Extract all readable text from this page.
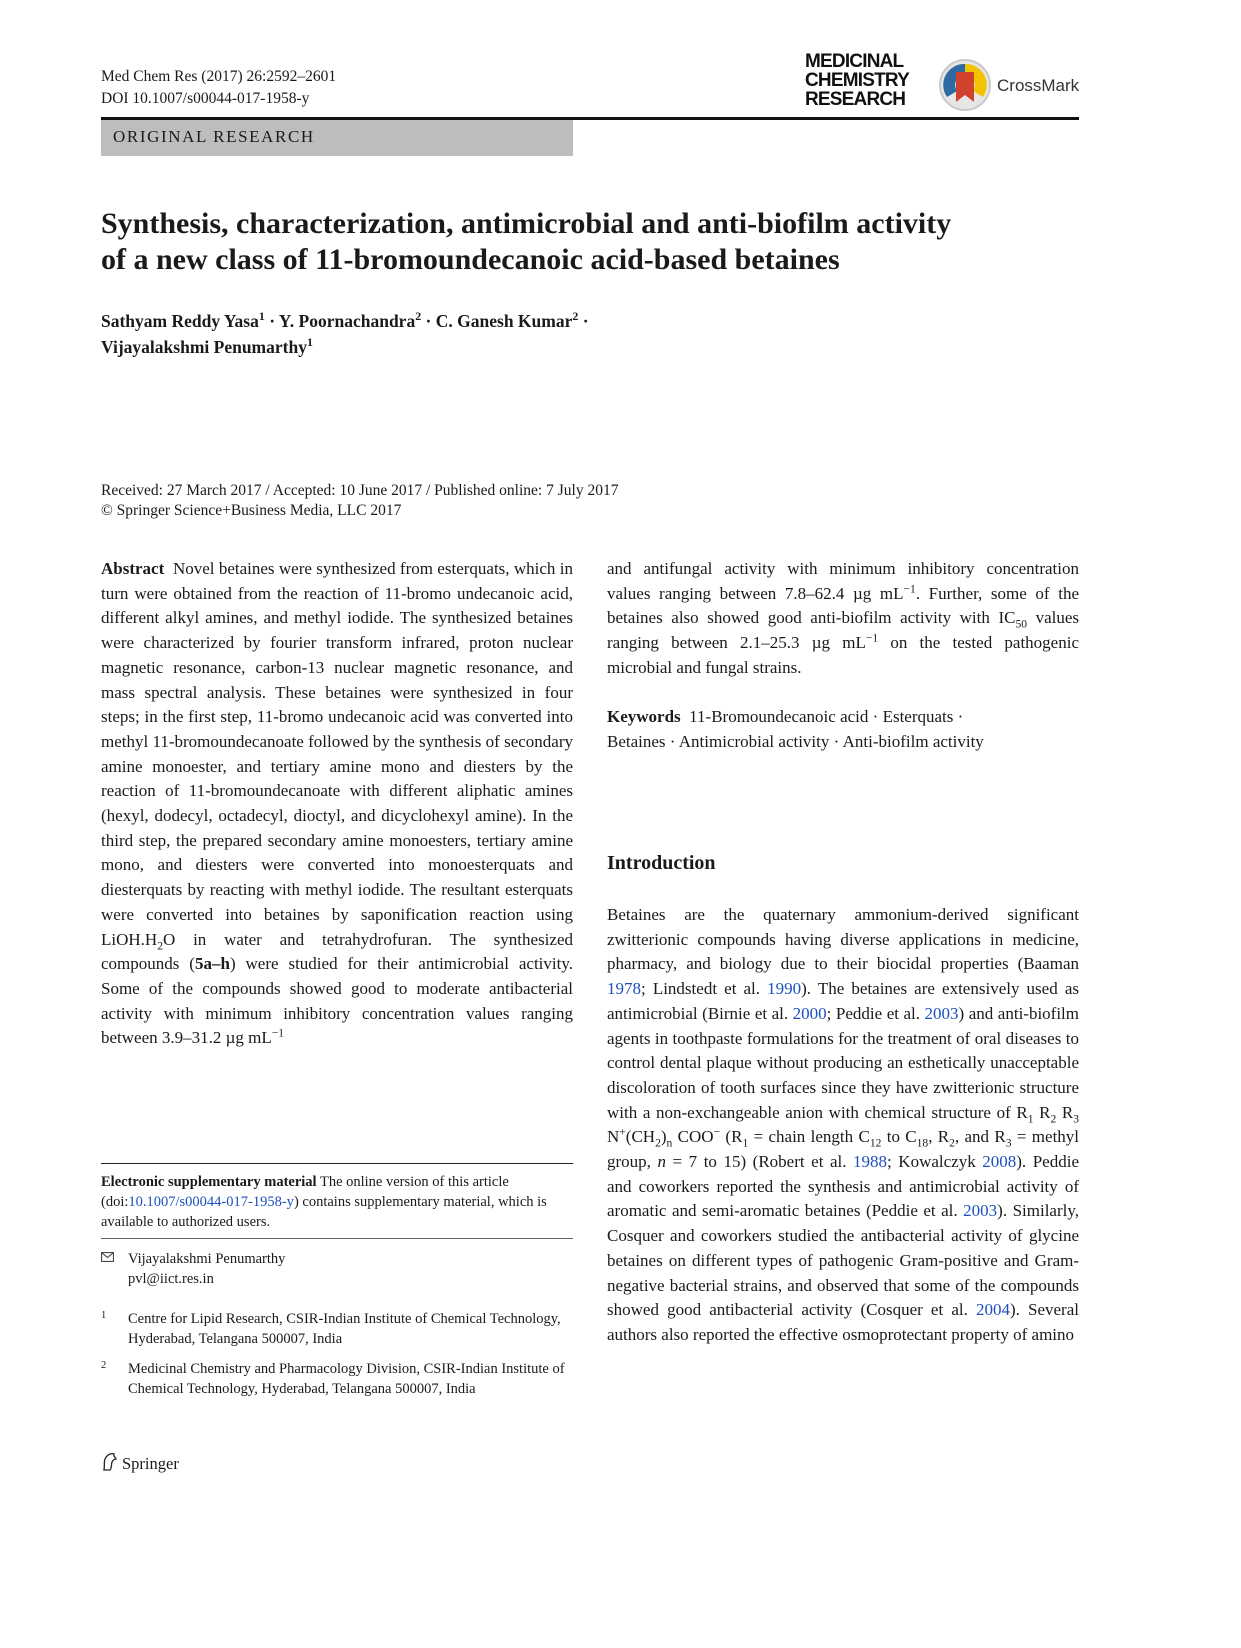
Med Chem Res (2017) 26:2592–2601
DOI 10.1007/s00044-017-1958-y
MEDICINAL
CHEMISTRY
RESEARCH
CrossMark
ORIGINAL RESEARCH
Synthesis, characterization, antimicrobial and anti-biofilm activity
of a new class of 11-bromoundecanoic acid-based betaines
Sathyam Reddy Yasa$^1$ · Y. Poornachandra$^2$ · C. Ganesh Kumar$^2$ ·
Vijayalakshmi Penumarthy$^1$
Received: 27 March 2017 / Accepted: 10 June 2017 / Published online: 7 July 2017
© Springer Science+Business Media, LLC 2017

Abstract Novel betaines were synthesized from esterquats, which in turn were obtained from the reaction of 11-bromo undecanoic acid, different alkyl amines, and methyl iodide. The synthesized betaines were characterized by fourier transform infrared, proton nuclear magnetic resonance, carbon-13 nuclear magnetic resonance, and mass spectral analysis. These betaines were synthesized in four steps; in the first step, 11-bromo undecanoic acid was converted into methyl 11-bromoundecanoate followed by the synthesis of secondary amine monoester, and tertiary amine mono and diesters by the reaction of 11-bromoundecanoate with different aliphatic amines (hexyl, dodecyl, octadecyl, dioctyl, and dicyclohexyl amine). In the third step, the prepared secondary amine monoesters, tertiary amine mono, and diesters were converted into monoesterquats and diesterquats by reacting with methyl iodide. The resultant esterquats were converted into betaines by saponification reaction using $LiOH.H_2O$ in water and tetrahydrofuran. The synthesized compounds (5a–h) were studied for their antimicrobial activity. Some of the compounds showed good to moderate antibacterial activity with minimum inhibitory concentration values ranging between 3.9–31.2 µg $mL^{-1}$

Electronic supplementary material The online version of this article (doi:10.1007/s00044-017-1958-y) contains supplementary material, which is available to authorized users.
Vijayalakshmi Penumarthy
pvl@iict.res.in
1 Centre for Lipid Research, CSIR-Indian Institute of Chemical Technology, Hyderabad, Telangana 500007, India
2 Medicinal Chemistry and Pharmacology Division, CSIR-Indian Institute of Chemical Technology, Hyderabad, Telangana 500007, India
Springer

and antifungal activity with minimum inhibitory concentration values ranging between 7.8–62.4 µg $mL^{-1}$. Further, some of the betaines also showed good anti-biofilm activity with $IC_{50}$ values ranging between 2.1–25.3 µg $mL^{-1}$ on the tested pathogenic microbial and fungal strains.

Keywords 11-Bromoundecanoic acid · Esterquats ·
Betaines · Antimicrobial activity · Anti-biofilm activity
Introduction

Betaines are the quaternary ammonium-derived significant zwitterionic compounds having diverse applications in medicine, pharmacy, and biology due to their biocidal properties (Baaman 1978; Lindstedt et al. 1990). The betaines are extensively used as antimicrobial (Birnie et al. 2000; Peddie et al. 2003) and anti-biofilm agents in toothpaste formulations for the treatment of oral diseases to control dental plaque without producing an esthetically unacceptable discoloration of tooth surfaces since they have zwitterionic structure with a non-exchangeable anion with chemical structure of $R_1$ $R_2$ $R_3$ $N^+(CH_2)_n$ COO− ($R_1$ = chain length $C_{12}$ to $C_{18}$, $R_2$, and $R_3$ = methyl group, n = 7 to 15) (Robert et al. 1988; Kowalczyk 2008). Peddie and coworkers reported the synthesis and antimicrobial activity of aromatic and semi-aromatic betaines (Peddie et al. 2003). Similarly, Cosquer and coworkers studied the antibacterial activity of glycine betaines on different types of pathogenic Gram-positive and Gram-negative bacterial strains, and observed that some of the compounds showed good antibacterial activity (Cosquer et al. 2004). Several authors also reported the effective osmoprotectant property of amino
